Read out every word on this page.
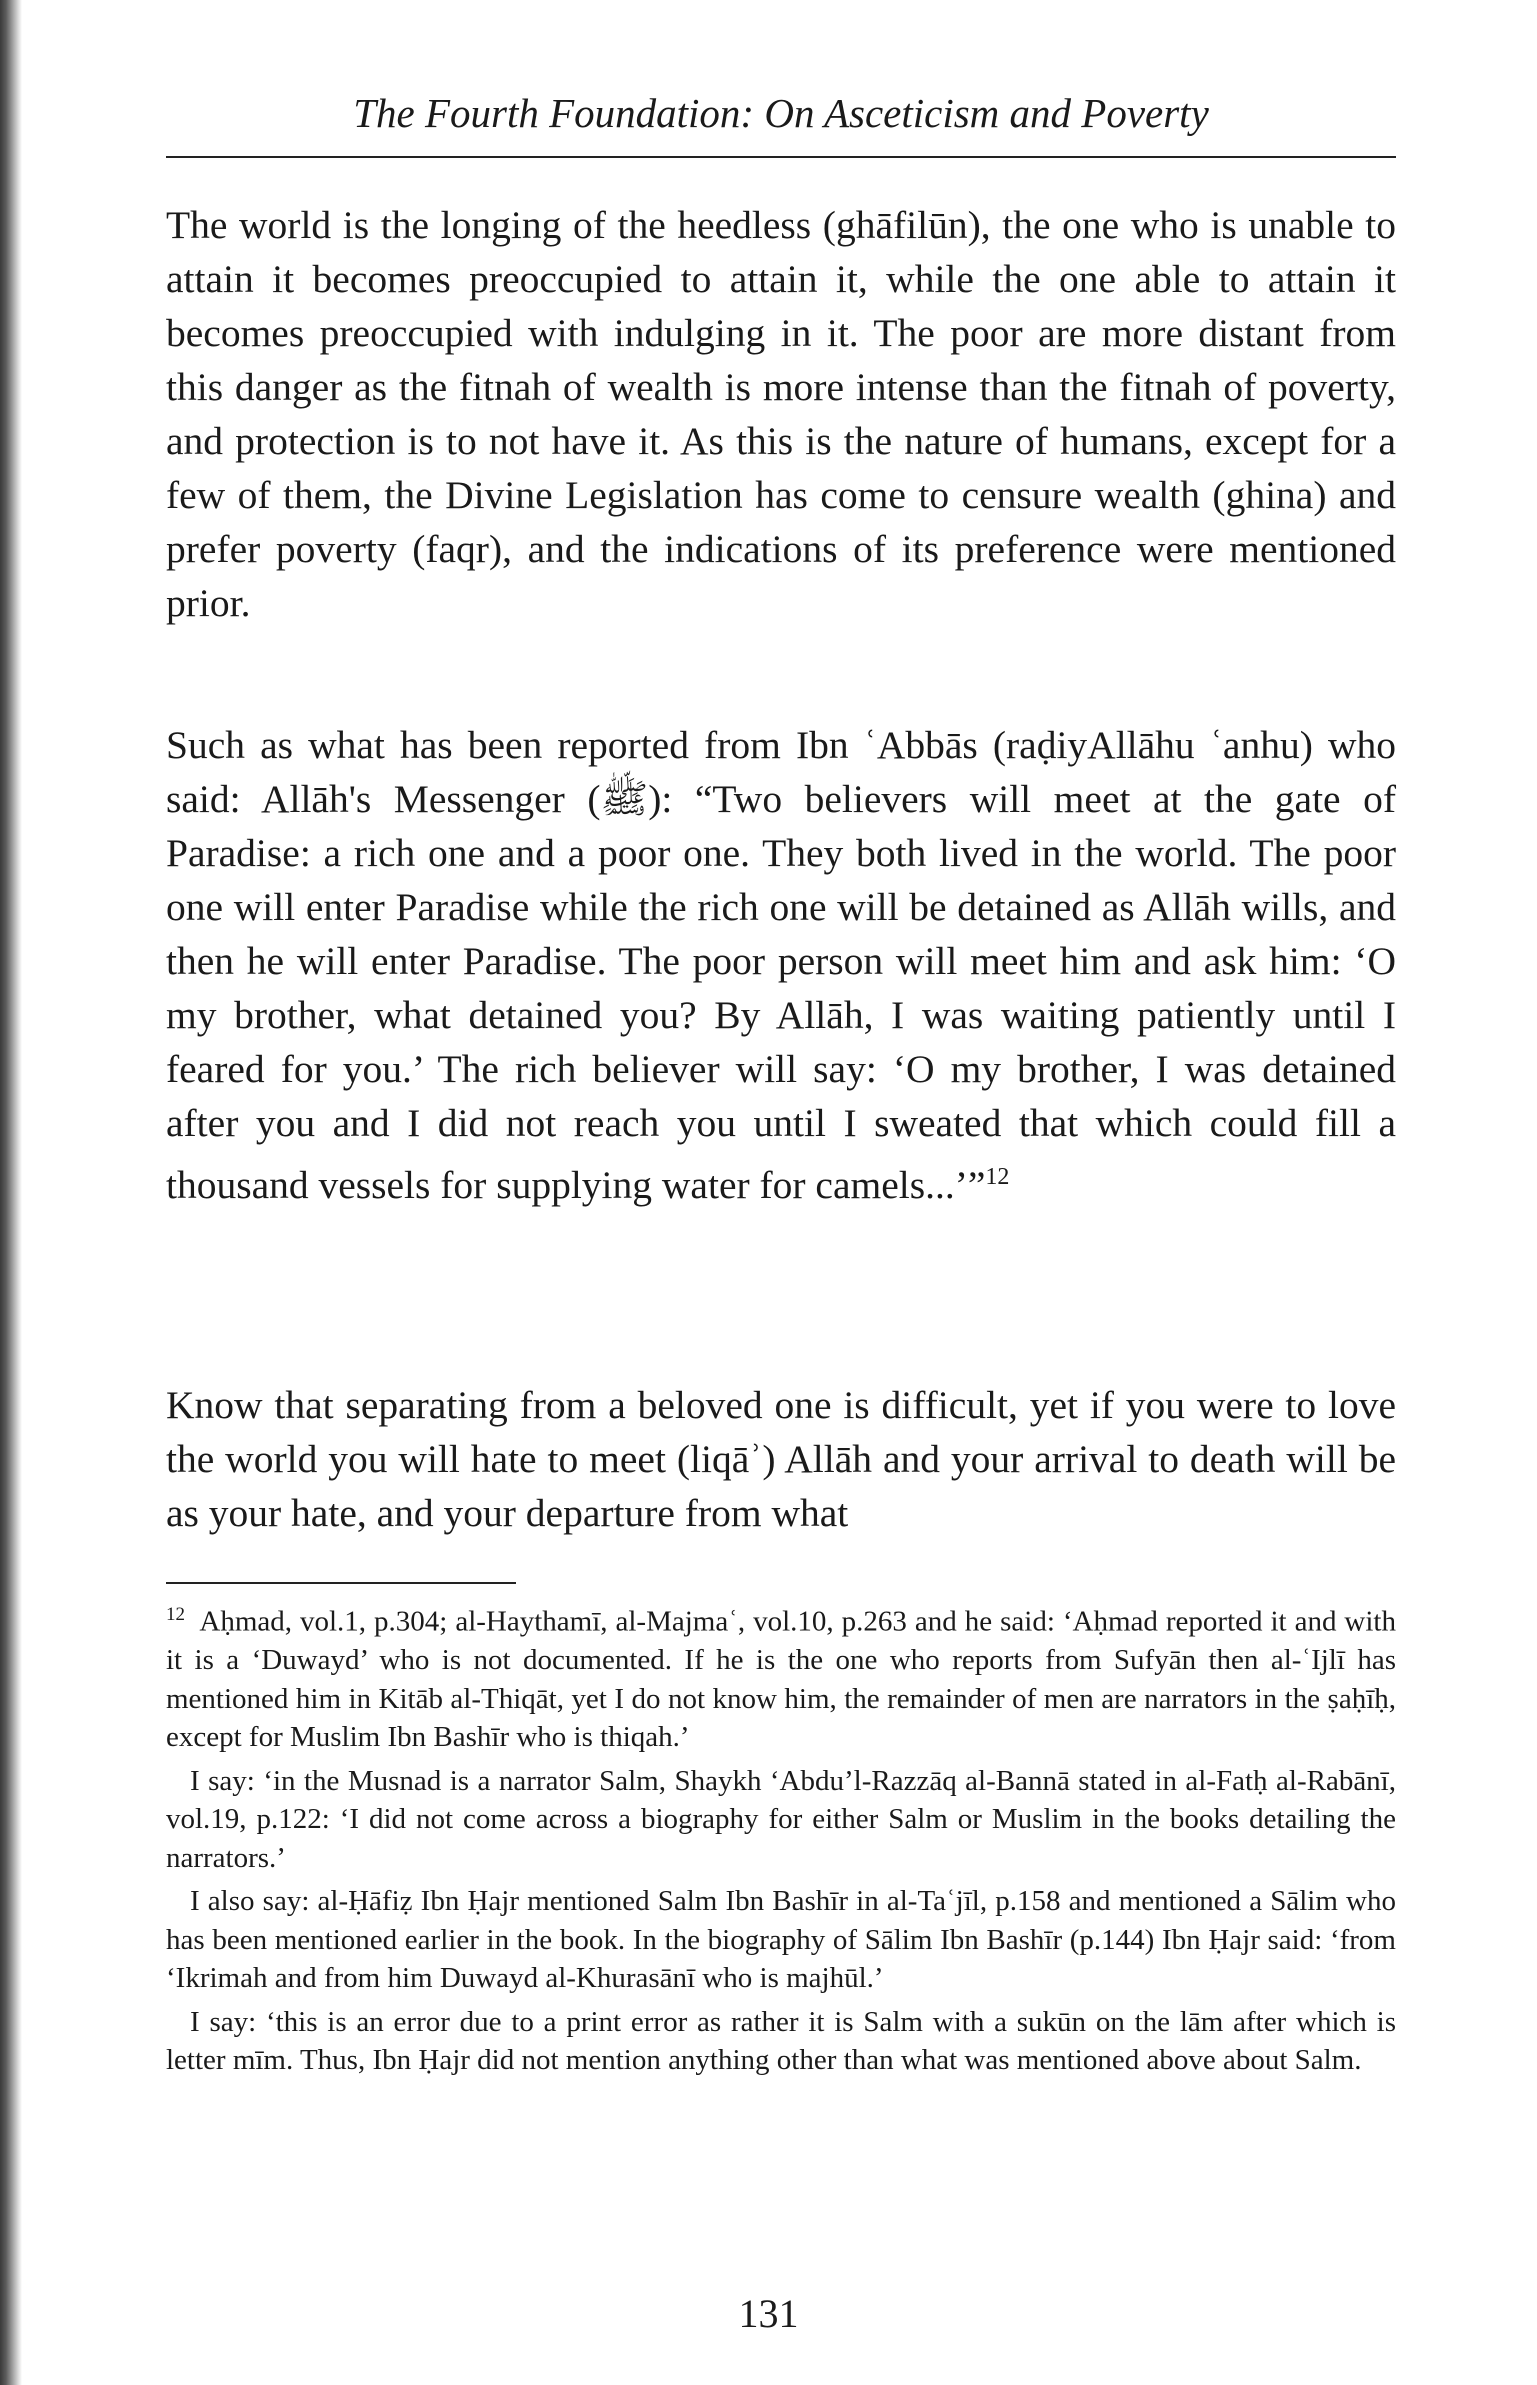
The Fourth Foundation: On Asceticism and Poverty

The world is the longing of the heedless (ghāfilūn), the one who is unable to attain it becomes preoccupied to attain it, while the one able to attain it becomes preoccupied with indulging in it. The poor are more distant from this danger as the fitnah of wealth is more intense than the fitnah of poverty, and protection is to not have it. As this is the nature of humans, except for a few of them, the Divine Legislation has come to censure wealth (ghina) and prefer poverty (faqr), and the indications of its preference were mentioned prior.

Such as what has been reported from Ibn ʿAbbās (raḍiyAllāhu ʿanhu) who said: Allāh's Messenger (ﷺ): “Two believers will meet at the gate of Paradise: a rich one and a poor one. They both lived in the world. The poor one will enter Paradise while the rich one will be detained as Allāh wills, and then he will enter Paradise. The poor person will meet him and ask him: ‘O my brother, what detained you? By Allāh, I was waiting patiently until I feared for you.’ The rich believer will say: ‘O my brother, I was detained after you and I did not reach you until I sweated that which could fill a thousand vessels for supplying water for camels...’”$^{12}$

Know that separating from a beloved one is difficult, yet if you were to love the world you will hate to meet (liqāʾ) Allāh and your arrival to death will be as your hate, and your departure from what

$^{12}$ Aḥmad, vol.1, p.304; al-Haythamī, al-Majmaʿ, vol.10, p.263 and he said: ‘Aḥmad reported it and with it is a ‘Duwayd’ who is not documented. If he is the one who reports from Sufyān then al-ʿIjlī has mentioned him in Kitāb al-Thiqāt, yet I do not know him, the remainder of men are narrators in the ṣaḥīḥ, except for Muslim Ibn Bashīr who is thiqah.’

I say: ‘in the Musnad is a narrator Salm, Shaykh ‘Abdu’l-Razzāq al-Bannā stated in al-Fatḥ al-Rabānī, vol.19, p.122: ‘I did not come across a biography for either Salm or Muslim in the books detailing the narrators.’

I also say: al-Ḥāfiẓ Ibn Ḥajr mentioned Salm Ibn Bashīr in al-Taʿjīl, p.158 and mentioned a Sālim who has been mentioned earlier in the book. In the biography of Sālim Ibn Bashīr (p.144) Ibn Ḥajr said: ‘from ‘Ikrimah and from him Duwayd al-Khurasānī who is majhūl.’

I say: ‘this is an error due to a print error as rather it is Salm with a sukūn on the lām after which is letter mīm. Thus, Ibn Ḥajr did not mention anything other than what was mentioned above about Salm.

131
